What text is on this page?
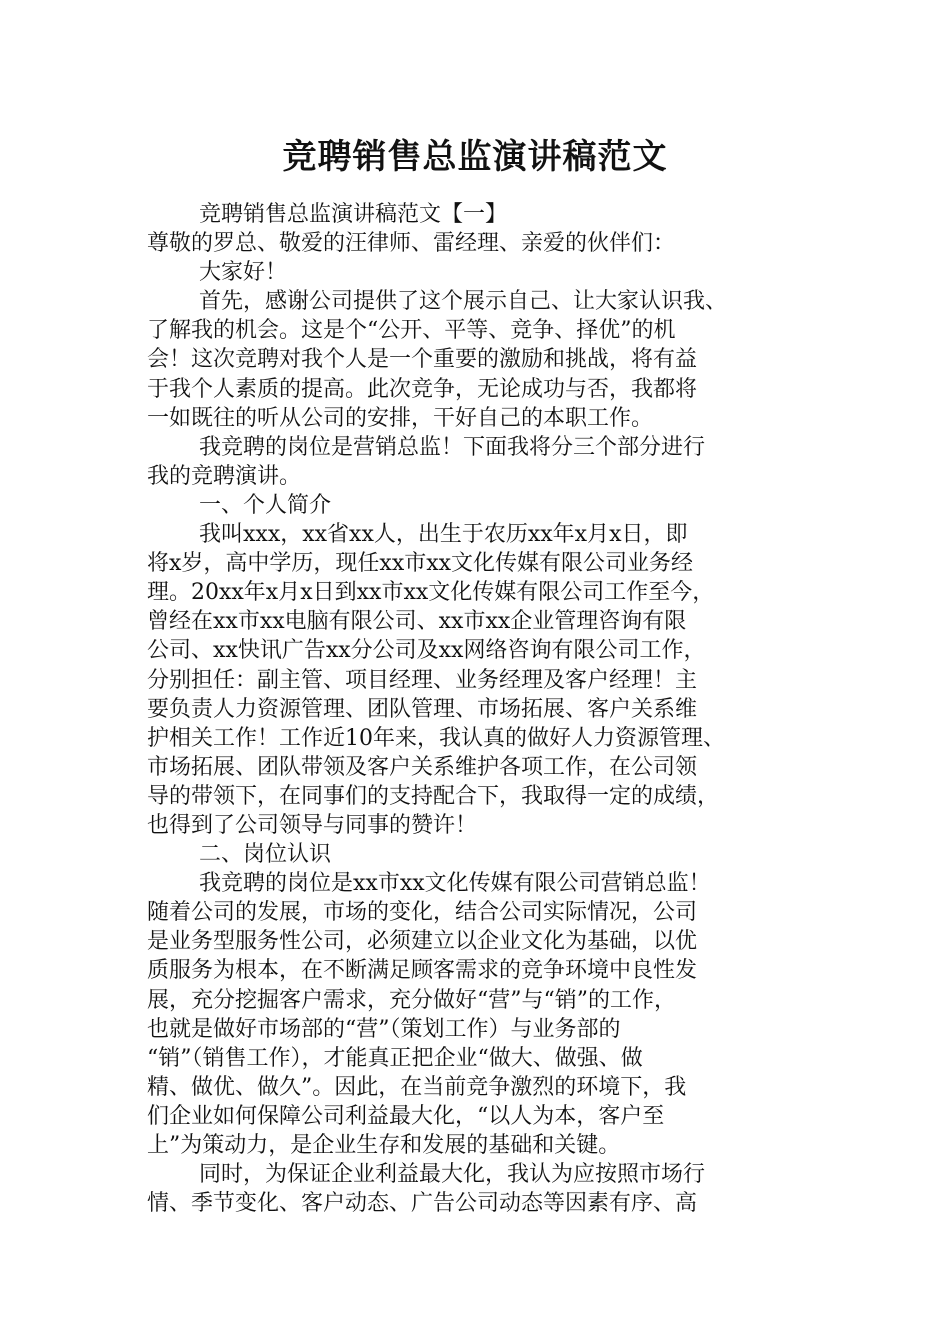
竞聘销售总监演讲稿范文
竞聘销售总监演讲稿范文【一】
尊敬的罗总、敬爱的汪律师、雷经理、亲爱的伙伴们：
大家好！
首先，感谢公司提供了这个展示自己、让大家认识我、
了解我的机会。这是个“公开、平等、竞争、择优”的机
会！这次竞聘对我个人是一个重要的激励和挑战，将有益
于我个人素质的提高。此次竞争，无论成功与否，我都将
一如既往的听从公司的安排，干好自己的本职工作。
我竞聘的岗位是营销总监！下面我将分三个部分进行
我的竞聘演讲。
一、个人简介
我叫xxx，xx省xx人，出生于农历xx年x月x日，即
将x岁，高中学历，现任xx市xx文化传媒有限公司业务经
理。20xx年x月x日到xx市xx文化传媒有限公司工作至今，
曾经在xx市xx电脑有限公司、xx市xx企业管理咨询有限
公司、xx快讯广告xx分公司及xx网络咨询有限公司工作，
分别担任：副主管、项目经理、业务经理及客户经理！主
要负责人力资源管理、团队管理、市场拓展、客户关系维
护相关工作！工作近10年来，我认真的做好人力资源管理、
市场拓展、团队带领及客户关系维护各项工作，在公司领
导的带领下，在同事们的支持配合下，我取得一定的成绩，
也得到了公司领导与同事的赞许！
二、岗位认识
我竞聘的岗位是xx市xx文化传媒有限公司营销总监！
随着公司的发展，市场的变化，结合公司实际情况，公司
是业务型服务性公司，必须建立以企业文化为基础，以优
质服务为根本，在不断满足顾客需求的竞争环境中良性发
展，充分挖掘客户需求，充分做好“营”与“销”的工作，
也就是做好市场部的“营”（策划工作）与业务部的
“销”（销售工作），才能真正把企业“做大、做强、做
精、做优、做久”。因此，在当前竞争激烈的环境下，我
们企业如何保障公司利益最大化，“以人为本，客户至
上”为策动力，是企业生存和发展的基础和关键。
同时，为保证企业利益最大化，我认为应按照市场行
情、季节变化、客户动态、广告公司动态等因素有序、高
